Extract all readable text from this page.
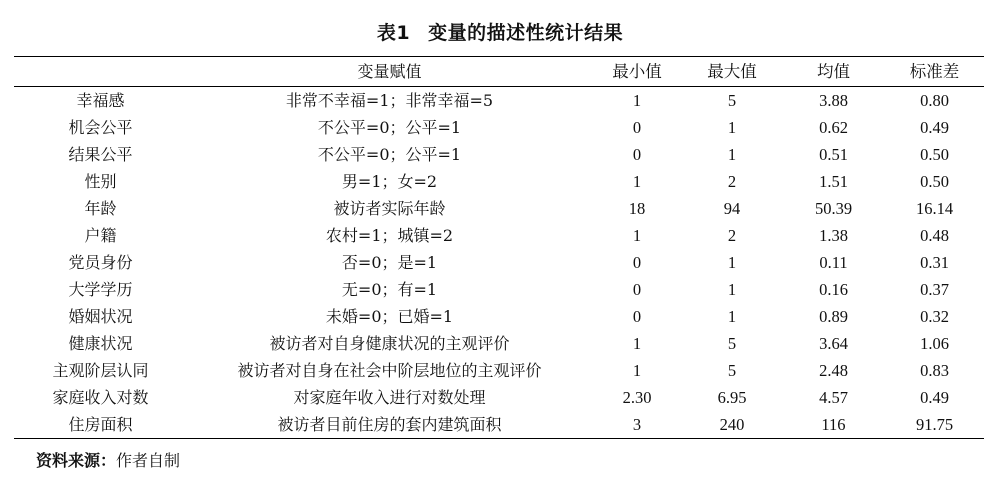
表1 变量的描述性统计结果
	变量赋值	最小值	最大值	均值	标准差
幸福感	非常不幸福=1；非常幸福=5	1	5	3.88	0.80
机会公平	不公平=0；公平=1	0	1	0.62	0.49
结果公平	不公平=0；公平=1	0	1	0.51	0.50
性别	男=1；女=2	1	2	1.51	0.50
年龄	被访者实际年龄	18	94	50.39	16.14
户籍	农村=1；城镇=2	1	2	1.38	0.48
党员身份	否=0；是=1	0	1	0.11	0.31
大学学历	无=0；有=1	0	1	0.16	0.37
婚姻状况	未婚=0；已婚=1	0	1	0.89	0.32
健康状况	被访者对自身健康状况的主观评价	1	5	3.64	1.06
主观阶层认同	被访者对自身在社会中阶层地位的主观评价	1	5	2.48	0.83
家庭收入对数	对家庭年收入进行对数处理	2.30	6.95	4.57	0.49
住房面积	被访者目前住房的套内建筑面积	3	240	116	91.75
资料来源：作者自制
